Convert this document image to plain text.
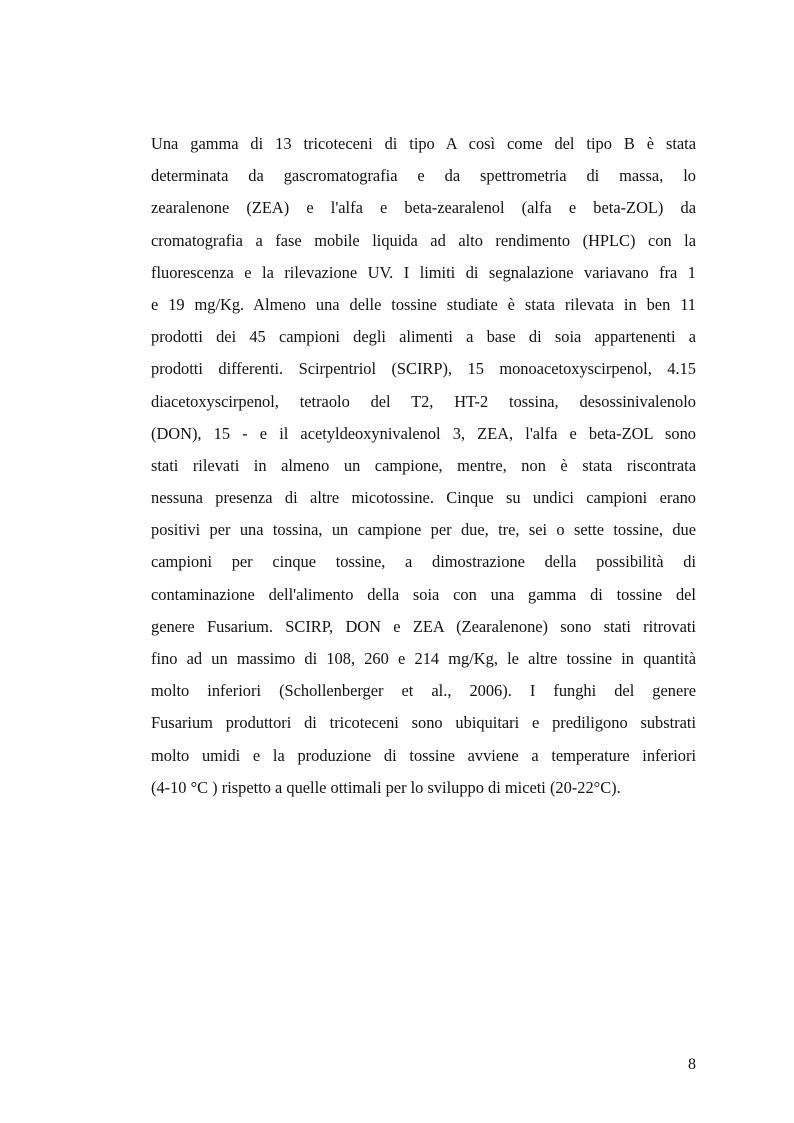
Una gamma di 13 tricoteceni di tipo A così come del tipo B è stata
determinata da gascromatografia e da spettrometria di massa, lo
zearalenone (ZEA) e l'alfa e beta-zearalenol (alfa e beta-ZOL) da
cromatografia a fase mobile liquida ad alto rendimento (HPLC) con la
fluorescenza e la rilevazione UV. I limiti di segnalazione variavano fra 1
e 19 mg/Kg. Almeno una delle tossine studiate è stata rilevata in ben 11
prodotti dei 45 campioni degli alimenti a base di soia appartenenti a
prodotti differenti. Scirpentriol (SCIRP), 15 monoacetoxyscirpenol, 4.15
diacetoxyscirpenol, tetraolo del T2, HT-2 tossina, desossinivalenolo
(DON), 15 - e il acetyldeoxynivalenol 3, ZEA, l'alfa e beta-ZOL sono
stati rilevati in almeno un campione, mentre, non è stata riscontrata
nessuna presenza di altre micotossine. Cinque su undici campioni erano
positivi per una tossina, un campione per due, tre, sei o sette tossine, due
campioni per cinque tossine, a dimostrazione della possibilità di
contaminazione dell'alimento della soia con una gamma di tossine del
genere Fusarium. SCIRP, DON e ZEA (Zearalenone) sono stati ritrovati
fino ad un massimo di 108, 260 e 214 mg/Kg, le altre tossine in quantità
molto inferiori (Schollenberger et al., 2006). I funghi del genere
Fusarium produttori di tricoteceni sono ubiquitari e prediligono substrati
molto umidi e la produzione di tossine avviene a temperature inferiori
(4-10 °C ) rispetto a quelle ottimali per lo sviluppo di miceti (20-22°C).
8
